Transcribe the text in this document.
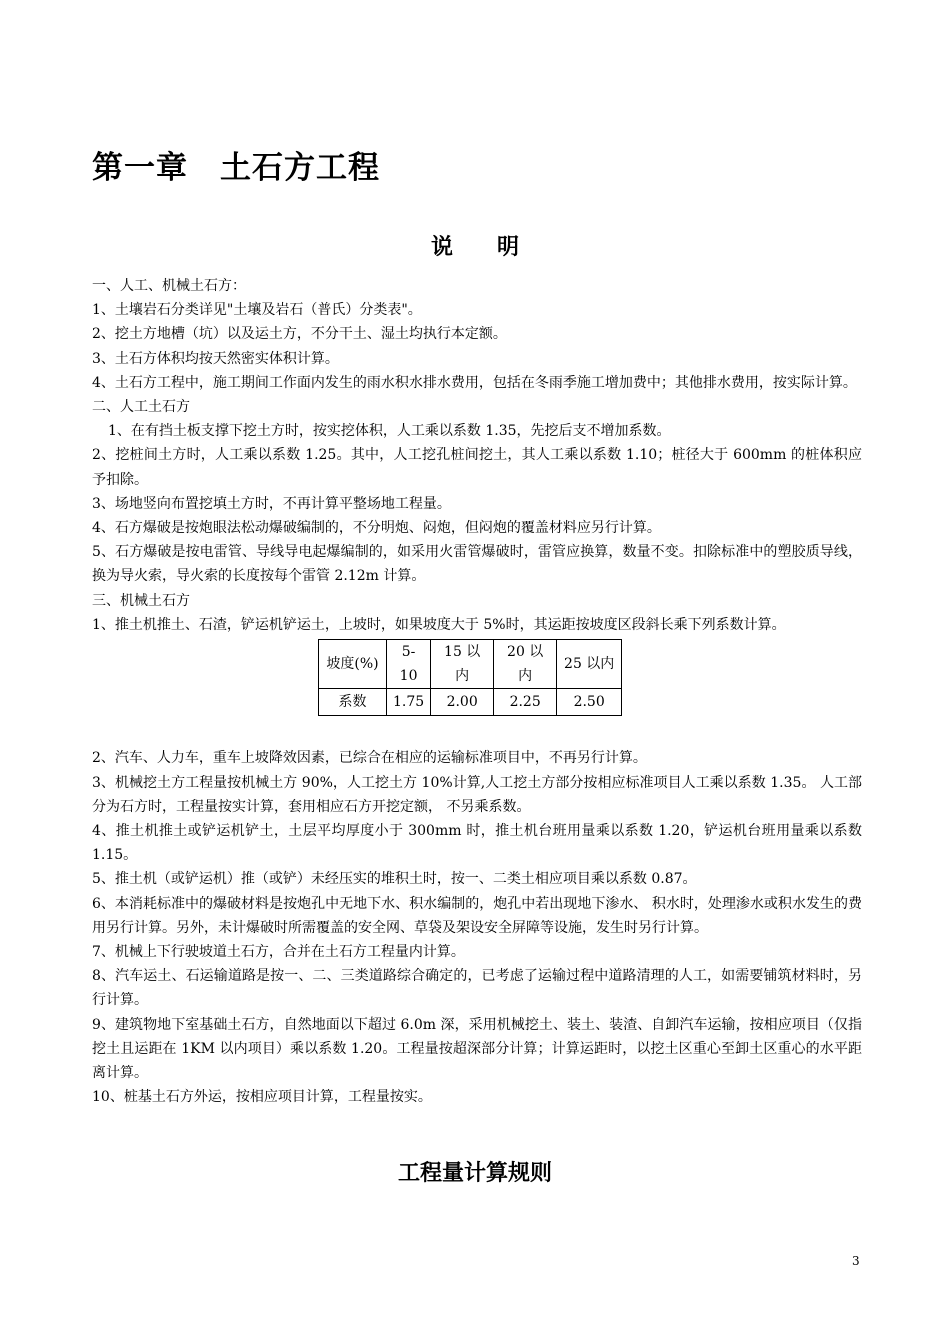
第一章　土石方工程
说　　明

一、人工、机械土石方：

1、土壤岩石分类详见"土壤及岩石（普氏）分类表"。

2、挖土方地槽（坑）以及运土方，不分干土、湿土均执行本定额。

3、土石方体积均按天然密实体积计算。

4、土石方工程中，施工期间工作面内发生的雨水积水排水费用，包括在冬雨季施工增加费中；其他排水费用，按实际计算。

二、人工土石方

1、在有挡土板支撑下挖土方时，按实挖体积，人工乘以系数 1.35，先挖后支不增加系数。

2、挖桩间土方时，人工乘以系数 1.25。其中，人工挖孔桩间挖土，其人工乘以系数 1.10；桩径大于 600mm 的桩体积应予扣除。

3、场地竖向布置挖填土方时，不再计算平整场地工程量。

4、石方爆破是按炮眼法松动爆破编制的，不分明炮、闷炮，但闷炮的覆盖材料应另行计算。

5、石方爆破是按电雷管、导线导电起爆编制的，如采用火雷管爆破时，雷管应换算，数量不变。扣除标准中的塑胶质导线，换为导火索，导火索的长度按每个雷管 2.12m 计算。

三、机械土石方

1、推土机推土、石渣，铲运机铲运土，上坡时，如果坡度大于 5%时，其运距按坡度区段斜长乘下列系数计算。

坡度(%)	5-10	15 以内	20 以内	25 以内
系数	1.75	2.00	2.25	2.50

2、汽车、人力车，重车上坡降效因素，已综合在相应的运输标准项目中，不再另行计算。

3、机械挖土方工程量按机械土方 90%，人工挖土方 10%计算,人工挖土方部分按相应标准项目人工乘以系数 1.35。 人工部分为石方时，工程量按实计算，套用相应石方开挖定额， 不另乘系数。

4、推土机推土或铲运机铲土，土层平均厚度小于 300mm 时，推土机台班用量乘以系数 1.20，铲运机台班用量乘以系数 1.15。

5、推土机（或铲运机）推（或铲）未经压实的堆积土时，按一、二类土相应项目乘以系数 0.87。

6、本消耗标准中的爆破材料是按炮孔中无地下水、积水编制的，炮孔中若出现地下渗水、 积水时，处理渗水或积水发生的费用另行计算。另外，未计爆破时所需覆盖的安全网、草袋及架设安全屏障等设施，发生时另行计算。

7、机械上下行驶坡道土石方，合并在土石方工程量内计算。

8、汽车运土、石运输道路是按一、二、三类道路综合确定的，已考虑了运输过程中道路清理的人工，如需要铺筑材料时，另行计算。

9、建筑物地下室基础土石方，自然地面以下超过 6.0m 深，采用机械挖土、装土、装渣、自卸汽车运输，按相应项目（仅指挖土且运距在 1KM 以内项目）乘以系数 1.20。工程量按超深部分计算；计算运距时，以挖土区重心至卸土区重心的水平距离计算。

10、桩基土石方外运，按相应项目计算，工程量按实。

工程量计算规则
3
